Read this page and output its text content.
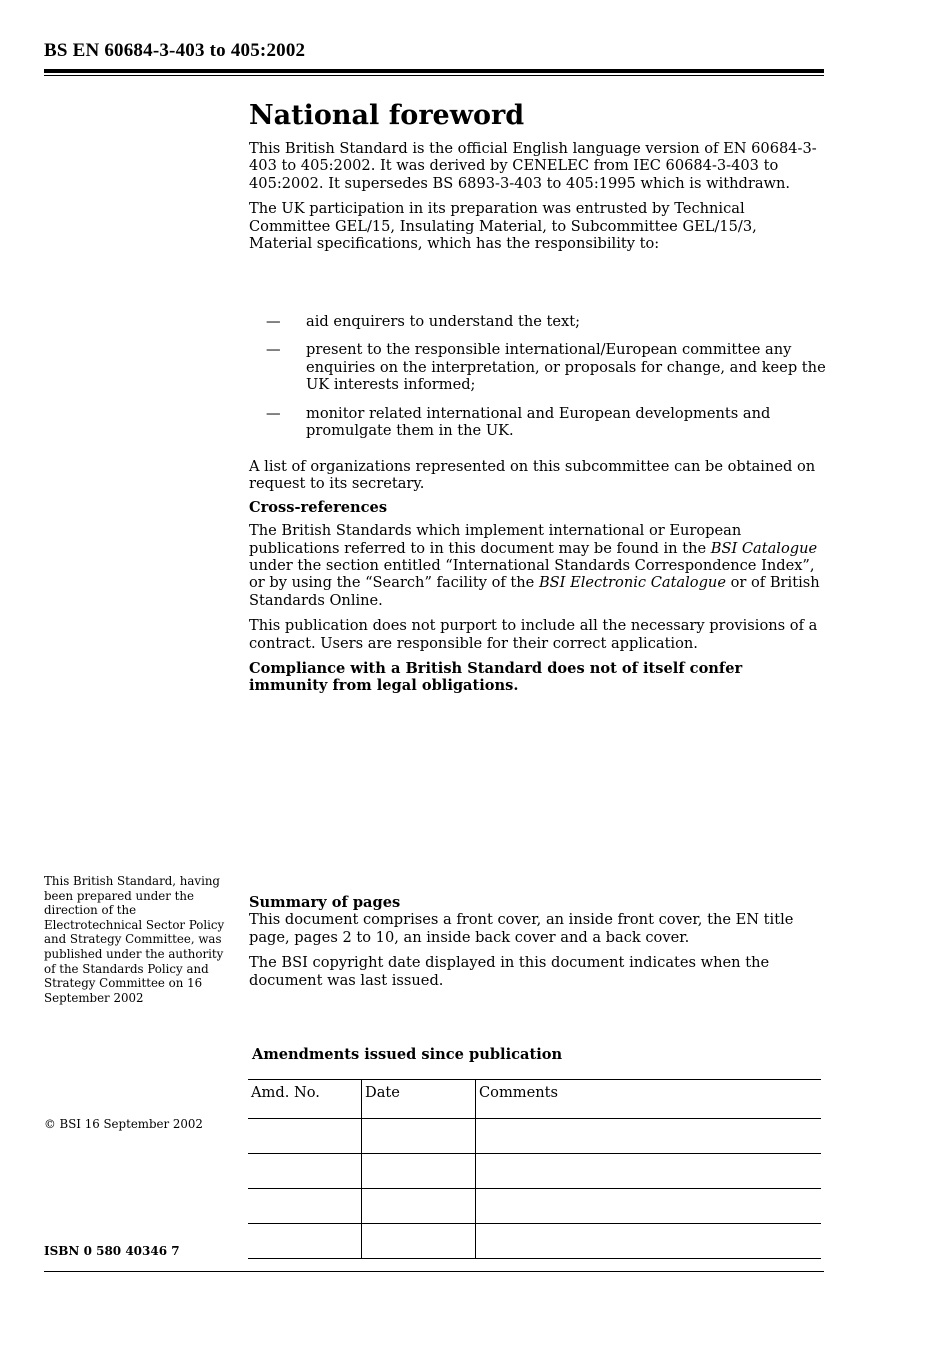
BS EN 60684-3-403 to 405:2002
National foreword

This British Standard is the official English language version of EN 60684-3-403 to 405:2002. It was derived by CENELEC from IEC 60684-3-403 to 405:2002. It supersedes BS 6893-3-403 to 405:1995 which is withdrawn.

The UK participation in its preparation was entrusted by Technical Committee GEL/15, Insulating Material, to Subcommittee GEL/15/3, Material specifications, which has the responsibility to:

—	aid enquirers to understand the text;
—	present to the responsible international/European committee any enquiries on the interpretation, or proposals for change, and keep the UK interests informed;
—	monitor related international and European developments and promulgate them in the UK.

A list of organizations represented on this subcommittee can be obtained on request to its secretary.

Cross-references

The British Standards which implement international or European publications referred to in this document may be found in the BSI Catalogue under the section entitled “International Standards Correspondence Index”, or by using the “Search” facility of the BSI Electronic Catalogue or of British Standards Online.

This publication does not purport to include all the necessary provisions of a contract. Users are responsible for their correct application.

Compliance with a British Standard does not of itself confer immunity from legal obligations.

This British Standard, having been prepared under the direction of the Electrotechnical Sector Policy and Strategy Committee, was published under the authority of the Standards Policy and Strategy Committee on 16 September 2002

Summary of pages

This document comprises a front cover, an inside front cover, the EN title page, pages 2 to 10, an inside back cover and a back cover.

The BSI copyright date displayed in this document indicates when the document was last issued.

Amendments issued since publication
Amd. No.	Date	Comments

© BSI 16 September 2002
ISBN 0 580 40346 7
